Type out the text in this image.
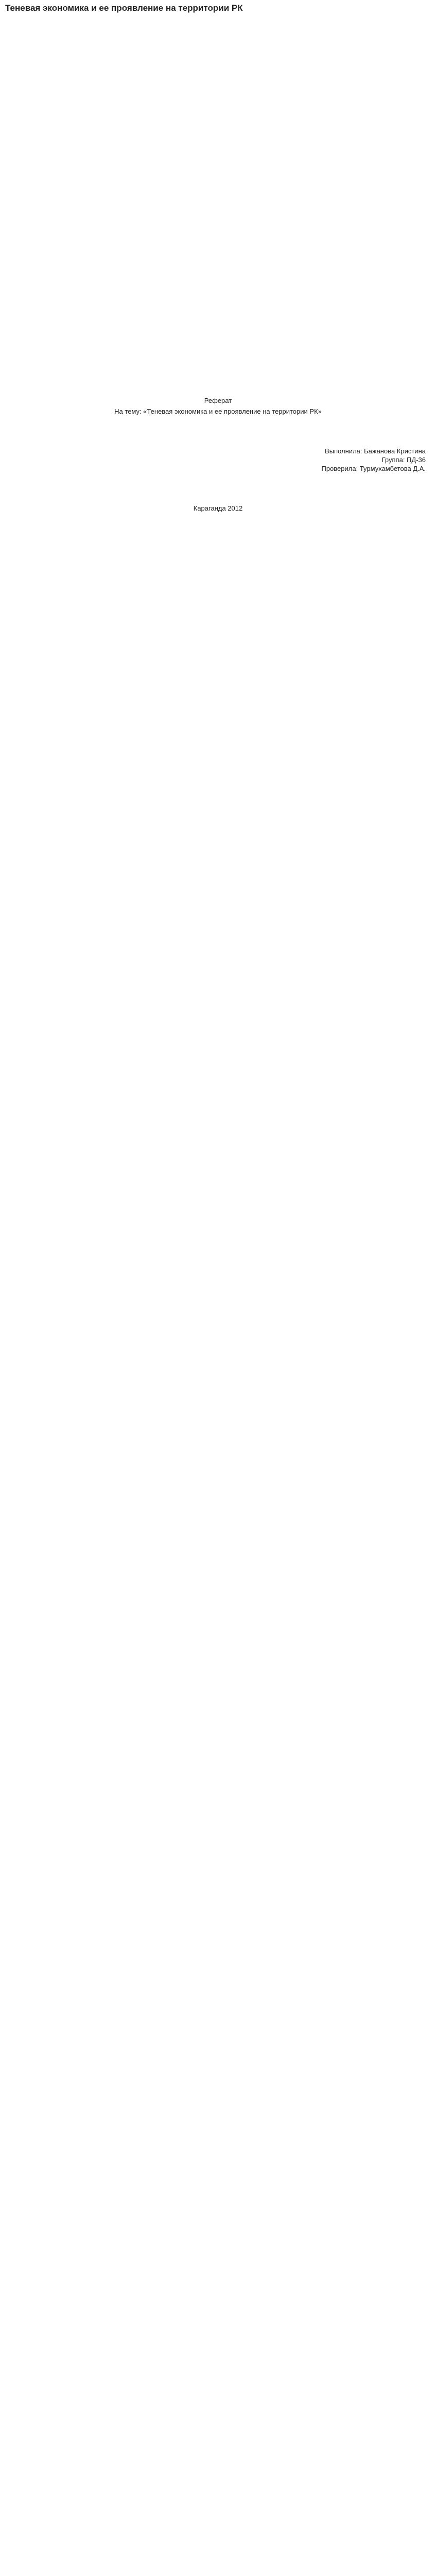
Теневая экономика и ее проявление на территории РК

Реферат
На тему: «Теневая экономика и ее проявление на территории РК»
Выполнила: Бажанова Кристина
Группа: ПД-36
Проверила: Турмухамбетова Д.А.
Караганда 2012
